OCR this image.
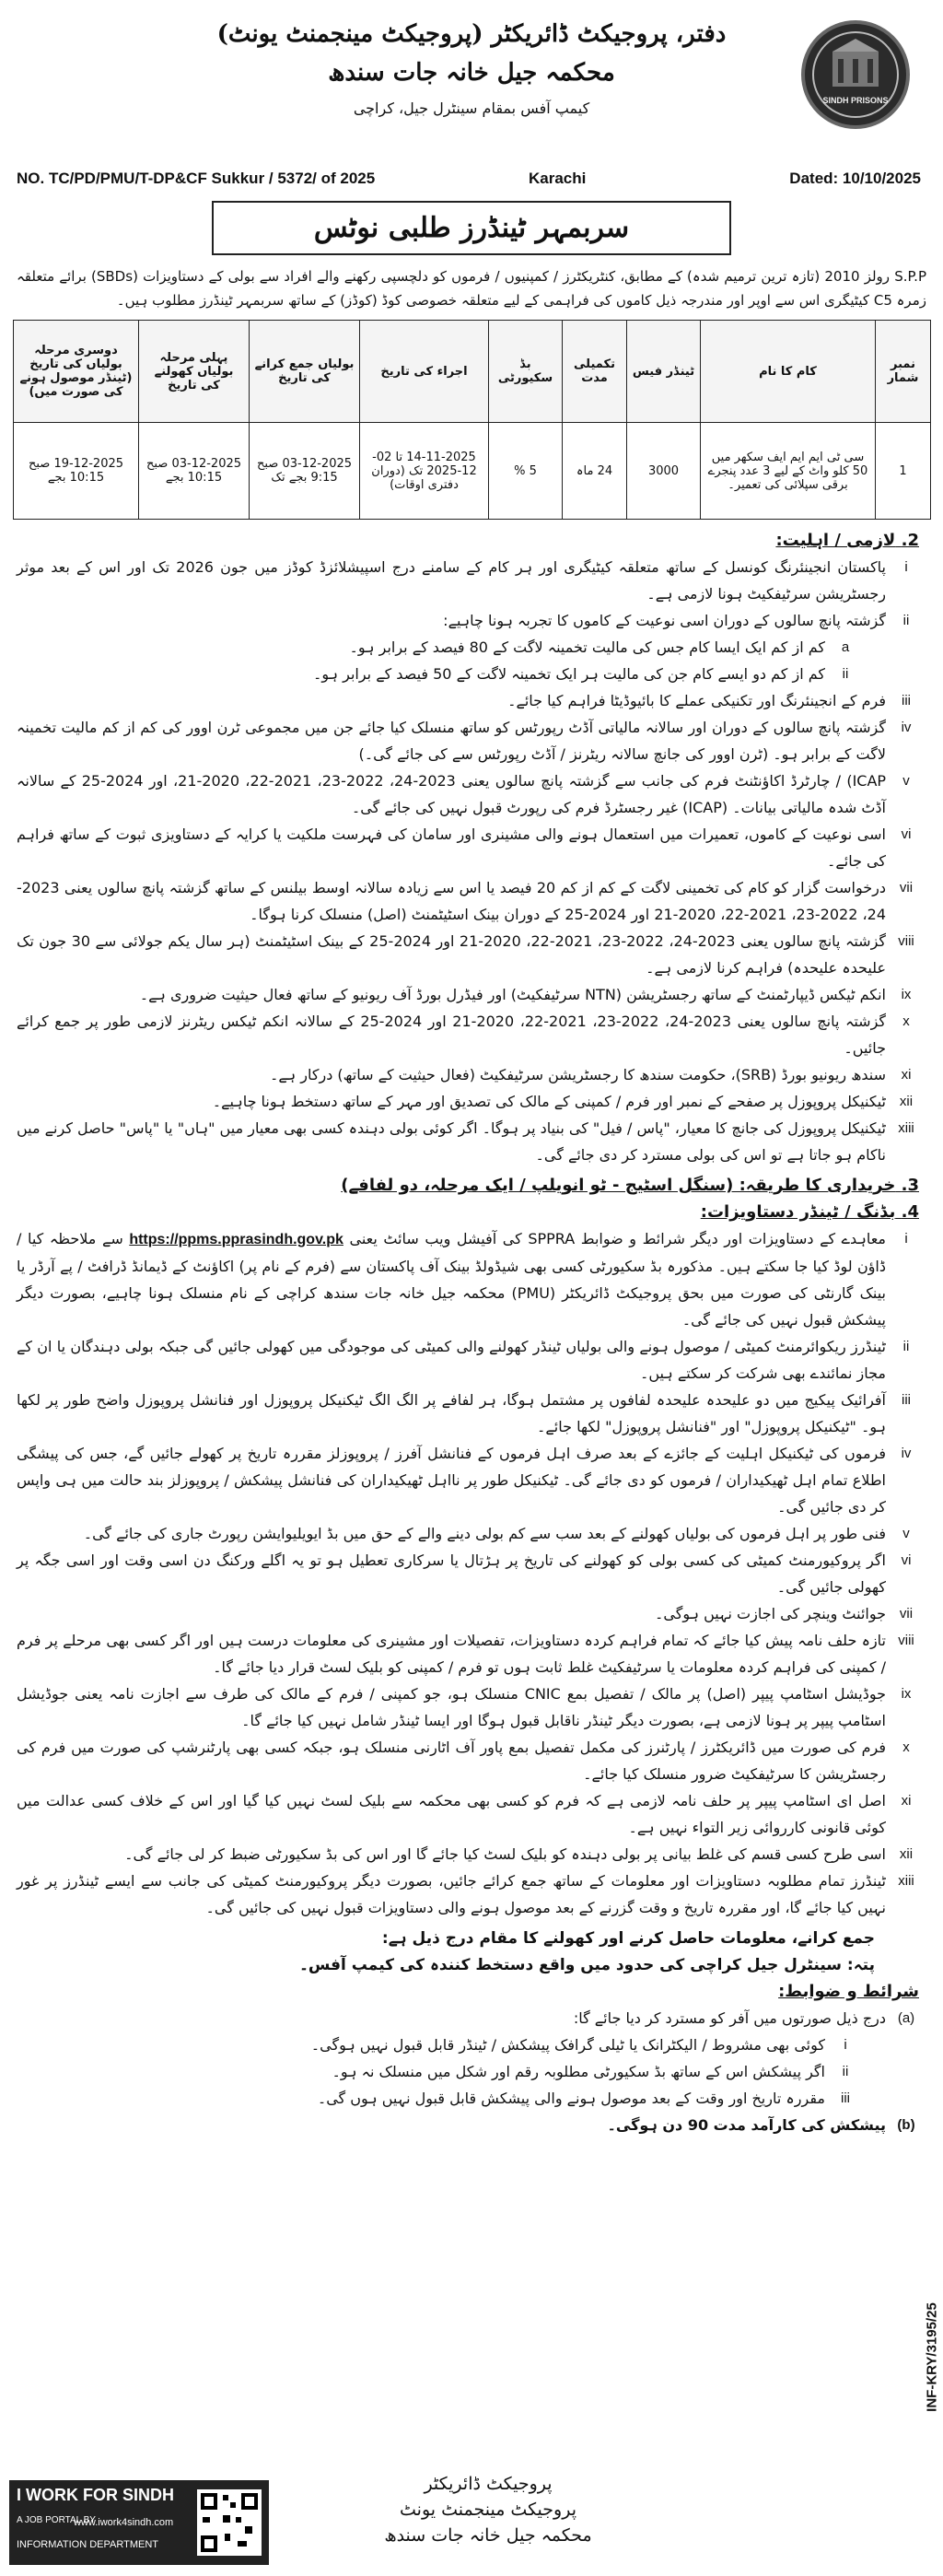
دفتر، پروجیکٹ ڈائریکٹر (پروجیکٹ مینجمنٹ یونٹ)
محکمہ جیل خانہ جات سندھ
کیمپ آفس بمقام سینٹرل جیل، کراچی	SINDH PRISONS
NO. TC/PD/PMU/T-DP&CF Sukkur / 5372/ of 2025	Karachi	Dated: 10/10/2025
سربمہر ٹینڈرز طلبی نوٹس
S.P.P رولز 2010 (تازہ ترین ترمیم شدہ) کے مطابق، کنٹریکٹرز / کمپنیوں / فرموں کو دلچسپی رکھنے والے افراد سے بولی کے دستاویزات (SBDs) برائے متعلقہ زمرہ C5 کیٹیگری اس سے اوپر اور مندرجہ ذیل کاموں کی فراہمی کے لیے متعلقہ خصوصی کوڈ (کوڈز) کے ساتھ سربمہر ٹینڈرز مطلوب ہیں۔
نمبر شمار	کام کا نام	ٹینڈر فیس	تکمیلی مدت	بڈ سکیورٹی	اجراء کی تاریخ	بولیاں جمع کرانے کی تاریخ	پہلی مرحلہ بولیاں کھولنے کی تاریخ	دوسری مرحلہ بولیاں کی تاریخ (ٹینڈر موصول ہونے کی صورت میں)
1	سی ٹی ایم ایم ایف سکھر میں 50 کلو واٹ کے لیے 3 عدد پنجرے برقی سپلائی کی تعمیر۔	3000	24 ماہ	5 %	14-11-2025 تا 02-12-2025 تک (دوران دفتری اوقات)	03-12-2025 صبح 9:15 بجے تک	03-12-2025 صبح 10:15 بجے	19-12-2025 صبح 10:15 بجے
2. لازمی / اہلیت:
i
پاکستان انجینئرنگ کونسل کے ساتھ متعلقہ کیٹیگری اور ہر کام کے سامنے درج اسپیشلائزڈ کوڈز میں جون 2026 تک اور اس کے بعد موثر رجسٹریشن سرٹیفکیٹ ہونا لازمی ہے۔
ii
گزشتہ پانچ سالوں کے دوران اسی نوعیت کے کاموں کا تجربہ ہونا چاہیے:
a
کم از کم ایک ایسا کام جس کی مالیت تخمینہ لاگت کے 80 فیصد کے برابر ہو۔
ii
کم از کم دو ایسے کام جن کی مالیت ہر ایک تخمینہ لاگت کے 50 فیصد کے برابر ہو۔
iii
فرم کے انجینئرنگ اور تکنیکی عملے کا بائیوڈیٹا فراہم کیا جائے۔
iv
گزشتہ پانچ سالوں کے دوران اور سالانہ مالیاتی آڈٹ رپورٹس کو ساتھ منسلک کیا جائے جن میں مجموعی ٹرن اوور کی کم از کم مالیت تخمینہ لاگت کے برابر ہو۔ (ٹرن اوور کی جانچ سالانہ ریٹرنز / آڈٹ رپورٹس سے کی جائے گی۔)
v
ICAP) / چارٹرڈ اکاؤنٹنٹ فرم کی جانب سے گزشتہ پانچ سالوں یعنی 2023-24، 2022-23، 2021-22، 2020-21، اور 2024-25 کے سالانہ آڈٹ شدہ مالیاتی بیانات۔ (ICAP) غیر رجسٹرڈ فرم کی رپورٹ قبول نہیں کی جائے گی۔
vi
اسی نوعیت کے کاموں، تعمیرات میں استعمال ہونے والی مشینری اور سامان کی فہرست ملکیت یا کرایہ کے دستاویزی ثبوت کے ساتھ فراہم کی جائے۔
vii
درخواست گزار کو کام کی تخمینی لاگت کے کم از کم 20 فیصد یا اس سے زیادہ سالانہ اوسط بیلنس کے ساتھ گزشتہ پانچ سالوں یعنی 2023-24، 2022-23، 2021-22، 2020-21 اور 2024-25 کے دوران بینک اسٹیٹمنٹ (اصل) منسلک کرنا ہوگا۔
viii
گزشتہ پانچ سالوں یعنی 2023-24، 2022-23، 2021-22، 2020-21 اور 2024-25 کے بینک اسٹیٹمنٹ (ہر سال یکم جولائی سے 30 جون تک علیحدہ علیحدہ) فراہم کرنا لازمی ہے۔
ix
انکم ٹیکس ڈیپارٹمنٹ کے ساتھ رجسٹریشن (NTN سرٹیفکیٹ) اور فیڈرل بورڈ آف ریونیو کے ساتھ فعال حیثیت ضروری ہے۔
x
گزشتہ پانچ سالوں یعنی 2023-24، 2022-23، 2021-22، 2020-21 اور 2024-25 کے سالانہ انکم ٹیکس ریٹرنز لازمی طور پر جمع کرائے جائیں۔
xi
سندھ ریونیو بورڈ (SRB)، حکومت سندھ کا رجسٹریشن سرٹیفکیٹ (فعال حیثیت کے ساتھ) درکار ہے۔
xii
ٹیکنیکل پروپوزل پر صفحے کے نمبر اور فرم / کمپنی کے مالک کی تصدیق اور مہر کے ساتھ دستخط ہونا چاہیے۔
xiii
ٹیکنیکل پروپوزل کی جانچ کا معیار، "پاس / فیل" کی بنیاد پر ہوگا۔ اگر کوئی بولی دہندہ کسی بھی معیار میں "ہاں" یا "پاس" حاصل کرنے میں ناکام ہو جاتا ہے تو اس کی بولی مسترد کر دی جائے گی۔
3. خریداری کا طریقہ: (سنگل اسٹیج - ٹو انویلپ / ایک مرحلہ، دو لفافے)
4. بڈنگ / ٹینڈر دستاویزات:
i
معاہدے کے دستاویزات اور دیگر شرائط و ضوابط SPPRA کی آفیشل ویب سائٹ یعنی https://ppms.pprasindh.gov.pk سے ملاحظہ کیا / ڈاؤن لوڈ کیا جا سکتے ہیں۔ مذکورہ بڈ سکیورٹی کسی بھی شیڈولڈ بینک آف پاکستان سے (فرم کے نام پر) اکاؤنٹ کے ڈیمانڈ ڈرافٹ / پے آرڈر یا بینک گارنٹی کی صورت میں بحق پروجیکٹ ڈائریکٹر (PMU) محکمہ جیل خانہ جات سندھ کراچی کے نام منسلک ہونا چاہیے، بصورت دیگر پیشکش قبول نہیں کی جائے گی۔
ii
ٹینڈرز ریکوائرمنٹ کمیٹی / موصول ہونے والی بولیاں ٹینڈر کھولنے والی کمیٹی کی موجودگی میں کھولی جائیں گی جبکہ بولی دہندگان یا ان کے مجاز نمائندے بھی شرکت کر سکتے ہیں۔
iii
آفرائیک پیکیج میں دو علیحدہ علیحدہ لفافوں پر مشتمل ہوگا، ہر لفافے پر الگ الگ ٹیکنیکل پروپوزل اور فنانشل پروپوزل واضح طور پر لکھا ہو۔ "ٹیکنیکل پروپوزل" اور "فنانشل پروپوزل" لکھا جائے۔
iv
فرموں کی ٹیکنیکل اہلیت کے جائزے کے بعد صرف اہل فرموں کے فنانشل آفرز / پروپوزلز مقررہ تاریخ پر کھولے جائیں گے، جس کی پیشگی اطلاع تمام اہل ٹھیکیداران / فرموں کو دی جائے گی۔ ٹیکنیکل طور پر نااہل ٹھیکیداران کی فنانشل پیشکش / پروپوزلز بند حالت میں ہی واپس کر دی جائیں گی۔
v
فنی طور پر اہل فرموں کی بولیاں کھولنے کے بعد سب سے کم بولی دینے والے کے حق میں بڈ ایویلیوایشن رپورٹ جاری کی جائے گی۔
vi
اگر پروکیورمنٹ کمیٹی کی کسی بولی کو کھولنے کی تاریخ پر ہڑتال یا سرکاری تعطیل ہو تو یہ اگلے ورکنگ دن اسی وقت اور اسی جگہ پر کھولی جائیں گی۔
vii
جوائنٹ وینچر کی اجازت نہیں ہوگی۔
viii
تازہ حلف نامہ پیش کیا جائے کہ تمام فراہم کردہ دستاویزات، تفصیلات اور مشینری کی معلومات درست ہیں اور اگر کسی بھی مرحلے پر فرم / کمپنی کی فراہم کردہ معلومات یا سرٹیفکیٹ غلط ثابت ہوں تو فرم / کمپنی کو بلیک لسٹ قرار دیا جائے گا۔
ix
جوڈیشل اسٹامپ پیپر (اصل) پر مالک / تفصیل بمع CNIC منسلک ہو، جو کمپنی / فرم کے مالک کی طرف سے اجازت نامہ یعنی جوڈیشل اسٹامپ پیپر پر ہونا لازمی ہے، بصورت دیگر ٹینڈر ناقابل قبول ہوگا اور ایسا ٹینڈر شامل نہیں کیا جائے گا۔
x
فرم کی صورت میں ڈائریکٹرز / پارٹنرز کی مکمل تفصیل بمع پاور آف اٹارنی منسلک ہو، جبکہ کسی بھی پارٹنرشپ کی صورت میں فرم کی رجسٹریشن کا سرٹیفکیٹ ضرور منسلک کیا جائے۔
xi
اصل ای اسٹامپ پیپر پر حلف نامہ لازمی ہے کہ فرم کو کسی بھی محکمہ سے بلیک لسٹ نہیں کیا گیا اور اس کے خلاف کسی عدالت میں کوئی قانونی کارروائی زیر التواء نہیں ہے۔
xii
اسی طرح کسی قسم کی غلط بیانی پر بولی دہندہ کو بلیک لسٹ کیا جائے گا اور اس کی بڈ سکیورٹی ضبط کر لی جائے گی۔
xiii
ٹینڈرز تمام مطلوبہ دستاویزات اور معلومات کے ساتھ جمع کرائے جائیں، بصورت دیگر پروکیورمنٹ کمیٹی کی جانب سے ایسے ٹینڈرز پر غور نہیں کیا جائے گا، اور مقررہ تاریخ و وقت گزرنے کے بعد موصول ہونے والی دستاویزات قبول نہیں کی جائیں گی۔
جمع کرانے، معلومات حاصل کرنے اور کھولنے کا مقام درج ذیل ہے:
پتہ: سینٹرل جیل کراچی کی حدود میں واقع دستخط کنندہ کی کیمپ آفس۔
شرائط و ضوابط:
(a)
درج ذیل صورتوں میں آفر کو مسترد کر دیا جائے گا:
i
کوئی بھی مشروط / الیکٹرانک یا ٹیلی گرافک پیشکش / ٹینڈر قابل قبول نہیں ہوگی۔
ii
اگر پیشکش اس کے ساتھ بڈ سکیورٹی مطلوبہ رقم اور شکل میں منسلک نہ ہو۔
iii
مقررہ تاریخ اور وقت کے بعد موصول ہونے والی پیشکش قابل قبول نہیں ہوں گی۔
(b)
پیشکش کی کارآمد مدت 90 دن ہوگی۔
INF-KRY/3195/25
I WORK FOR SINDH
A JOB PORTAL BY
www.iwork4sindh.com
INFORMATION DEPARTMENT
پروجیکٹ ڈائریکٹر
پروجیکٹ مینجمنٹ یونٹ
محکمہ جیل خانہ جات سندھ
